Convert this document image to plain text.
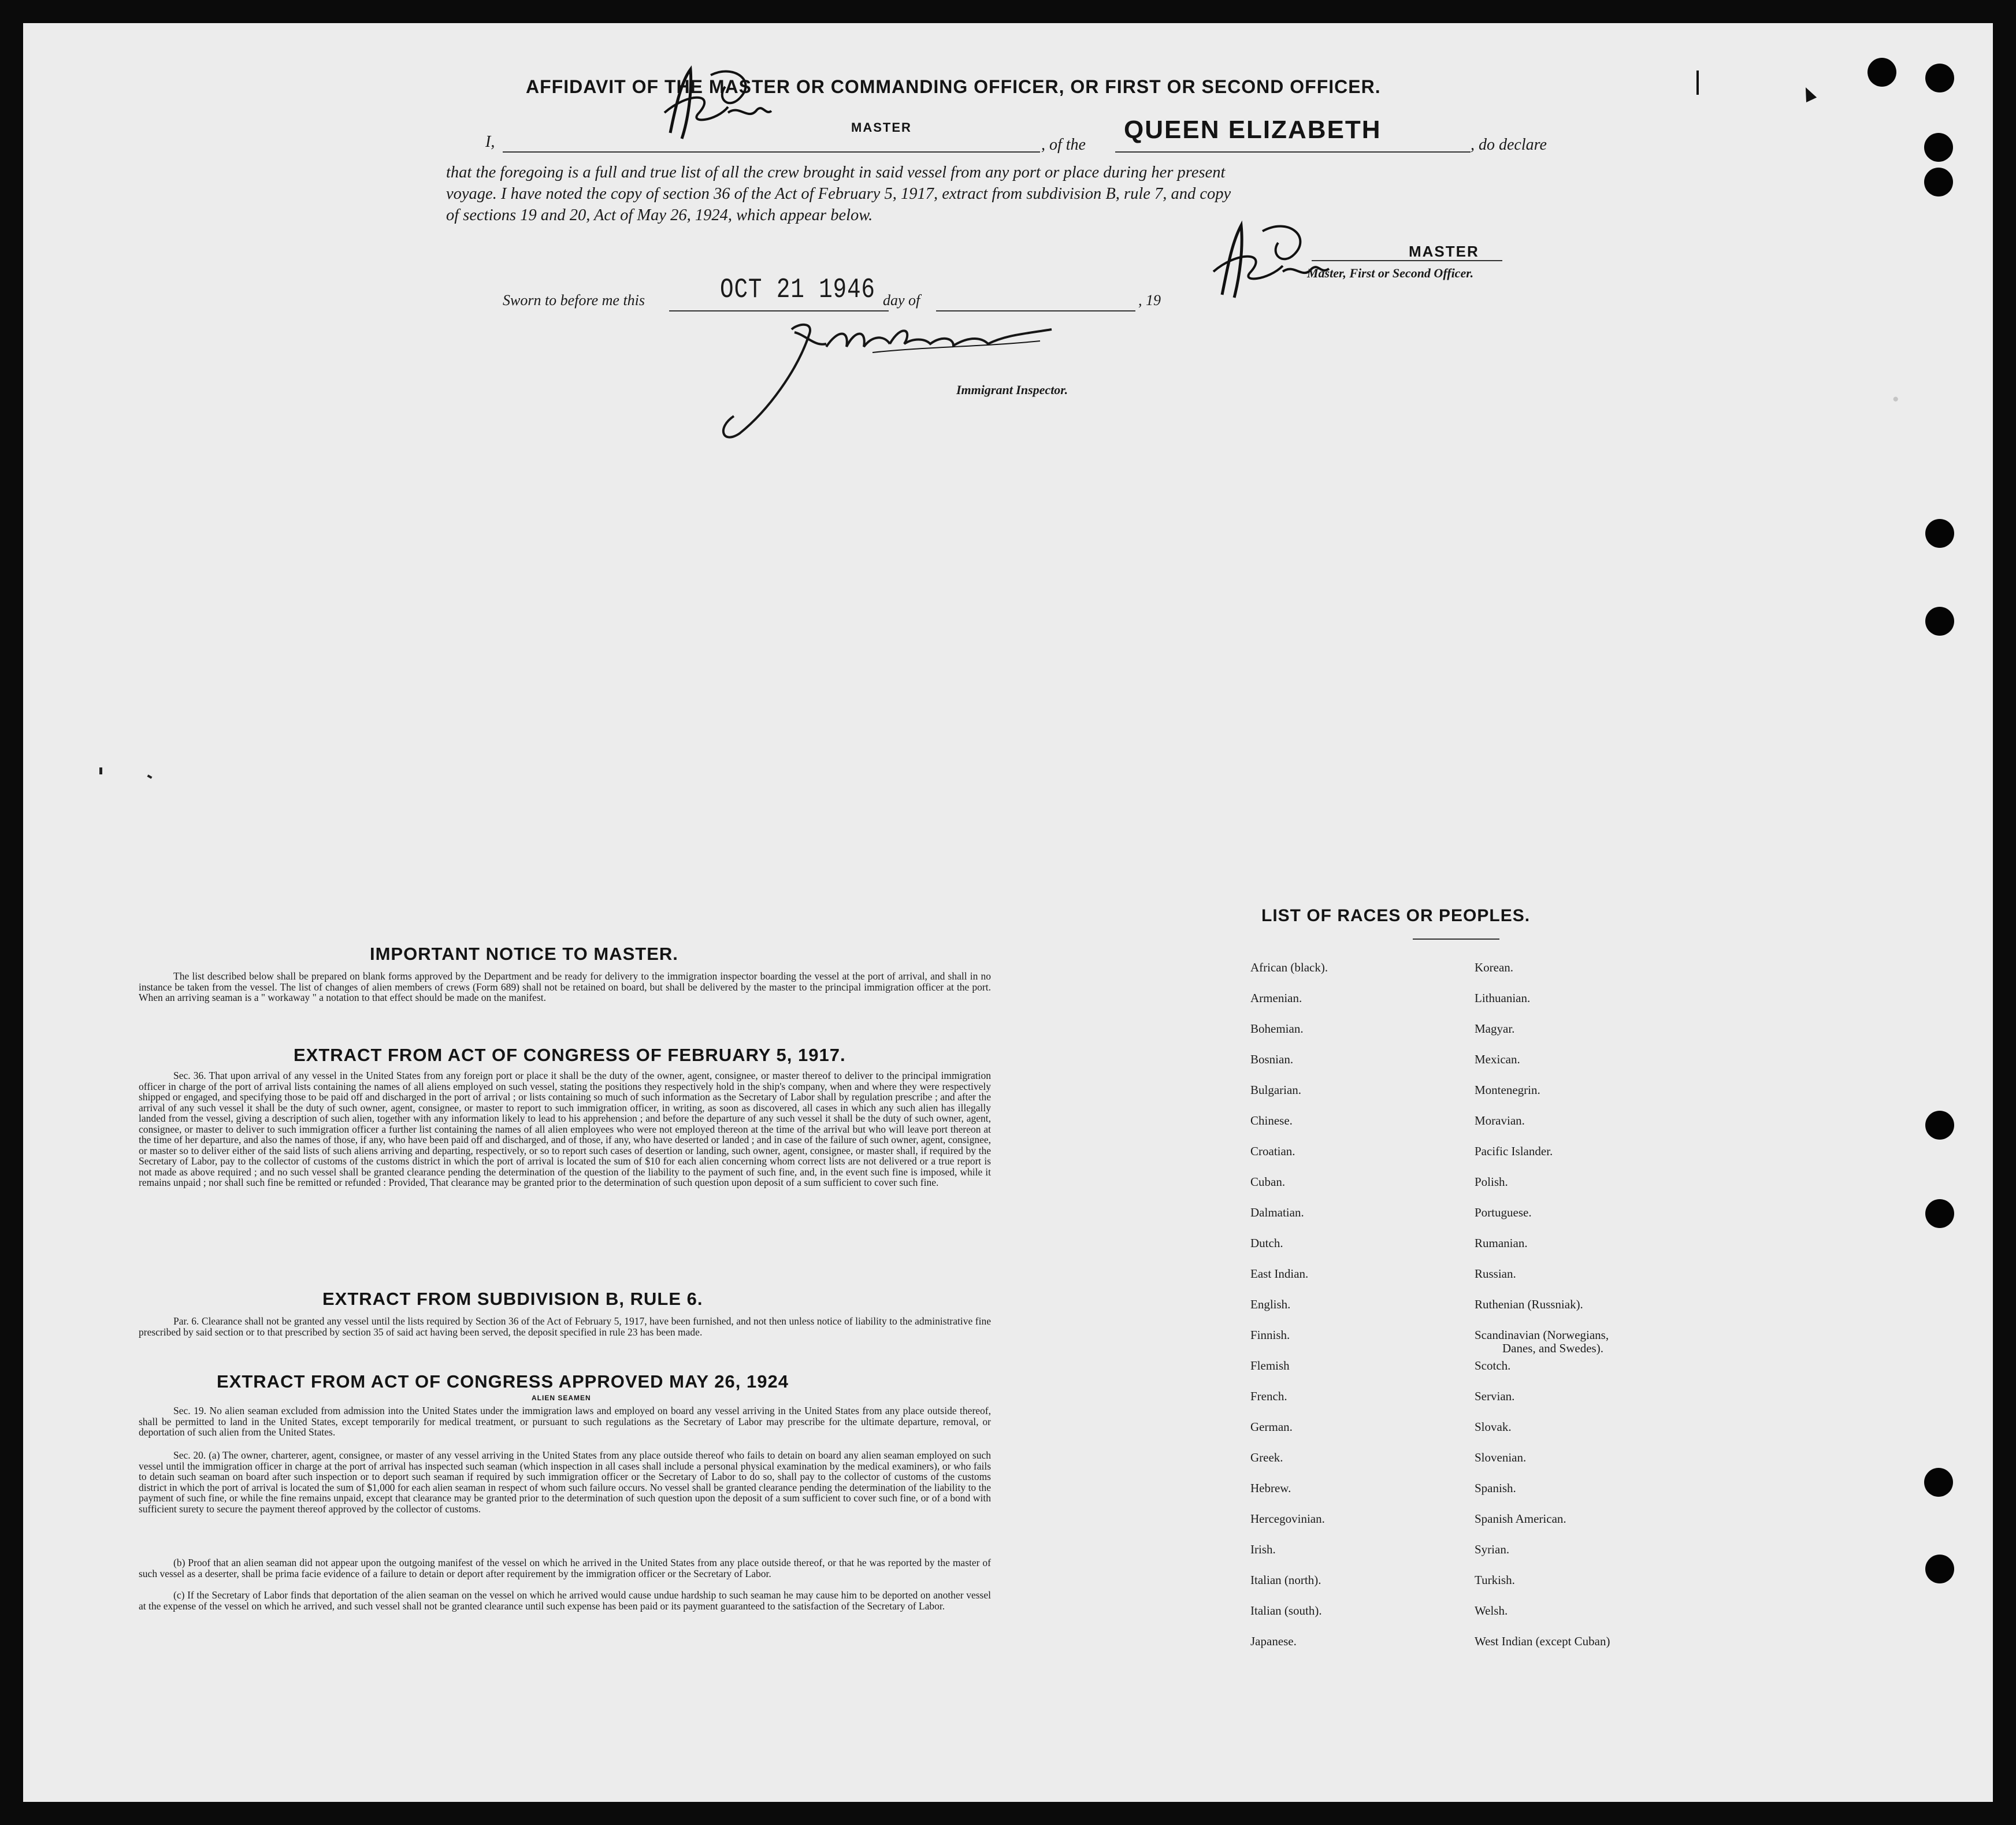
●
AFFIDAVIT OF THE MASTER OR COMMANDING OFFICER, OR FIRST OR SECOND OFFICER.
I,
MASTER
, of the
QUEEN ELIZABETH
, do declare
that the foregoing is a full and true list of all the crew brought in said vessel from any port or place during her present
voyage. I have noted the copy of section 36 of the Act of February 5, 1917, extract from subdivision B, rule 7, and copy
of sections 19 and 20, Act of May 26, 1924, which appear below.
MASTER
Master, First or Second Officer.
Sworn to before me this	OCT 21 1946 day of	, 19
Immigrant Inspector.
IMPORTANT NOTICE TO MASTER.
The list described below shall be prepared on blank forms approved by the Department and be ready for delivery to the immigration inspector boarding the vessel at the port of arrival, and shall in no instance be taken from the vessel. The list of changes of alien members of crews (Form 689) shall not be retained on board, but shall be delivered by the master to the principal immigration officer at the port. When an arriving seaman is a " workaway " a notation to that effect should be made on the manifest.
EXTRACT FROM ACT OF CONGRESS OF FEBRUARY 5, 1917.
Sec. 36. That upon arrival of any vessel in the United States from any foreign port or place it shall be the duty of the owner, agent, consignee, or master thereof to deliver to the principal immigration officer in charge of the port of arrival lists containing the names of all aliens employed on such vessel, stating the positions they respectively hold in the ship's company, when and where they were respectively shipped or engaged, and specifying those to be paid off and discharged in the port of arrival ; or lists containing so much of such information as the Secretary of Labor shall by regulation prescribe ; and after the arrival of any such vessel it shall be the duty of such owner, agent, consignee, or master to report to such immigration officer, in writing, as soon as discovered, all cases in which any such alien has illegally landed from the vessel, giving a description of such alien, together with any information likely to lead to his apprehension ; and before the departure of any such vessel it shall be the duty of such owner, agent, consignee, or master to deliver to such immigration officer a further list containing the names of all alien employees who were not employed thereon at the time of the arrival but who will leave port thereon at the time of her departure, and also the names of those, if any, who have been paid off and discharged, and of those, if any, who have deserted or landed ; and in case of the failure of such owner, agent, consignee, or master so to deliver either of the said lists of such aliens arriving and departing, respectively, or so to report such cases of desertion or landing, such owner, agent, consignee, or master shall, if required by the Secretary of Labor, pay to the collector of customs of the customs district in which the port of arrival is located the sum of $10 for each alien concerning whom correct lists are not delivered or a true report is not made as above required ; and no such vessel shall be granted clearance pending the determination of the question of the liability to the payment of such fine, and, in the event such fine is imposed, while it remains unpaid ; nor shall such fine be remitted or refunded : Provided, That clearance may be granted prior to the determination of such question upon deposit of a sum sufficient to cover such fine.
EXTRACT FROM SUBDIVISION B, RULE 6.
Par. 6. Clearance shall not be granted any vessel until the lists required by Section 36 of the Act of February 5, 1917, have been furnished, and not then unless notice of liability to the administrative fine prescribed by said section or to that prescribed by section 35 of said act having been served, the deposit specified in rule 23 has been made.
EXTRACT FROM ACT OF CONGRESS APPROVED MAY 26, 1924
ALIEN SEAMEN
Sec. 19. No alien seaman excluded from admission into the United States under the immigration laws and employed on board any vessel arriving in the United States from any place outside thereof, shall be permitted to land in the United States, except temporarily for medical treatment, or pursuant to such regulations as the Secretary of Labor may prescribe for the ultimate departure, removal, or deportation of such alien from the United States.
Sec. 20. (a) The owner, charterer, agent, consignee, or master of any vessel arriving in the United States from any place outside thereof who fails to detain on board any alien seaman employed on such vessel until the immigration officer in charge at the port of arrival has inspected such seaman (which inspection in all cases shall include a personal physical examination by the medical examiners), or who fails to detain such seaman on board after such inspection or to deport such seaman if required by such immigration officer or the Secretary of Labor to do so, shall pay to the collector of customs of the customs district in which the port of arrival is located the sum of $1,000 for each alien seaman in respect of whom such failure occurs. No vessel shall be granted clearance pending the determination of the liability to the payment of such fine, or while the fine remains unpaid, except that clearance may be granted prior to the determination of such question upon the deposit of a sum sufficient to cover such fine, or of a bond with sufficient surety to secure the payment thereof approved by the collector of customs.
(b) Proof that an alien seaman did not appear upon the outgoing manifest of the vessel on which he arrived in the United States from any place outside thereof, or that he was reported by the master of such vessel as a deserter, shall be prima facie evidence of a failure to detain or deport after requirement by the immigration officer or the Secretary of Labor.
(c) If the Secretary of Labor finds that deportation of the alien seaman on the vessel on which he arrived would cause undue hardship to such seaman he may cause him to be deported on another vessel at the expense of the vessel on which he arrived, and such vessel shall not be granted clearance until such expense has been paid or its payment guaranteed to the satisfaction of the Secretary of Labor.
LIST OF RACES OR PEOPLES.
African (black).
Armenian.
Bohemian.
Bosnian.
Bulgarian.
Chinese.
Croatian.
Cuban.
Dalmatian.
Dutch.
East Indian.
English.
Finnish.
Flemish
French.
German.
Greek.
Hebrew.
Hercegovinian.
Irish.
Italian (north).
Italian (south).
Japanese.
Korean.
Lithuanian.
Magyar.
Mexican.
Montenegrin.
Moravian.
Pacific Islander.
Polish.
Portuguese.
Rumanian.
Russian.
Ruthenian (Russniak).
Scandinavian (Norwegians,
Danes, and Swedes).
Scotch.
Servian.
Slovak.
Slovenian.
Spanish.
Spanish American.
Syrian.
Turkish.
Welsh.
West Indian (except Cuban)
